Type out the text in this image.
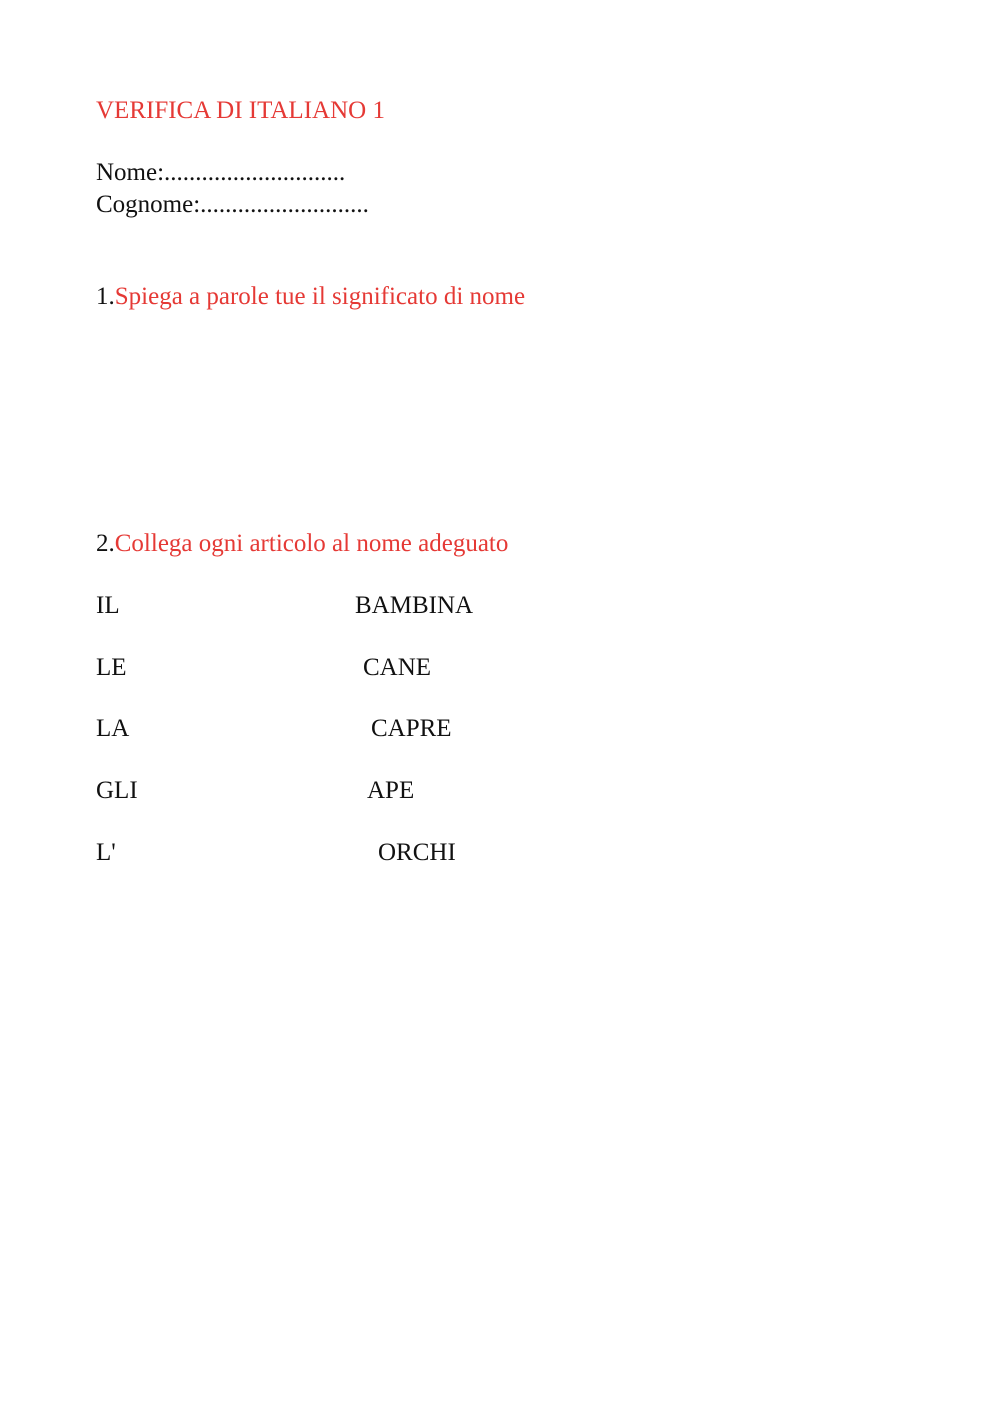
VERIFICA DI ITALIANO 1
Nome:.............................
Cognome:...........................
1.Spiega a parole tue il significato di nome
2.Collega ogni articolo al nome adeguato
IL	BAMBINA
LE	CANE
LA	CAPRE
GLI	APE
L'	ORCHI
